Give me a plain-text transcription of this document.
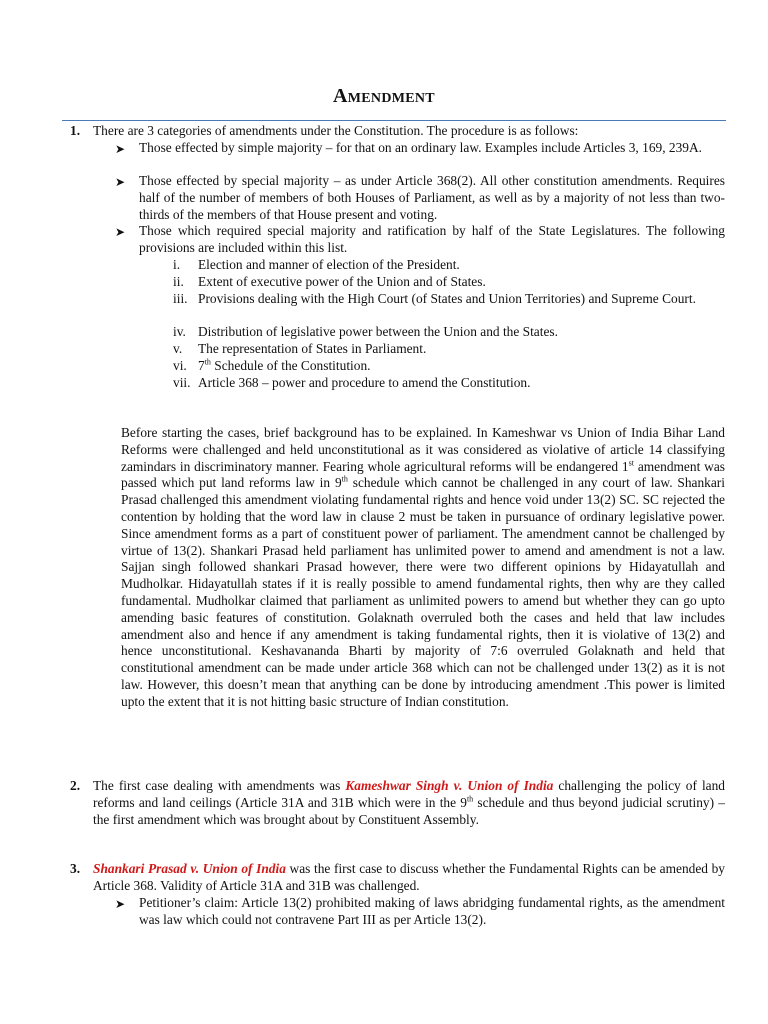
Amendment
1. There are 3 categories of amendments under the Constitution. The procedure is as follows:
➤ Those effected by simple majority – for that on an ordinary law. Examples include Articles 3, 169, 239A.
➤ Those effected by special majority – as under Article 368(2). All other constitution amendments. Requires half of the number of members of both Houses of Parliament, as well as by a majority of not less than two-thirds of the members of that House present and voting.
➤ Those which required special majority and ratification by half of the State Legislatures. The following provisions are included within this list.
i.	Election and manner of election of the President.
ii.	Extent of executive power of the Union and of States.
iii. Provisions dealing with the High Court (of States and Union Territories) and Supreme Court.
iv. Distribution of legislative power between the Union and the States.
v.	The representation of States in Parliament.
vi. 7th Schedule of the Constitution.
vii. Article 368 – power and procedure to amend the Constitution.
Before starting the cases, brief background has to be explained. In Kameshwar vs Union of India Bihar Land Reforms were challenged and held unconstitutional as it was considered as violative of article 14 classifying zamindars in discriminatory manner. Fearing whole agricultural reforms will be endangered 1st amendment was passed which put land reforms law in 9th schedule which cannot be challenged in any court of law. Shankari Prasad challenged this amendment violating fundamental rights and hence void under 13(2) SC. SC rejected the contention by holding that the word law in clause 2 must be taken in pursuance of ordinary legislative power. Since amendment forms as a part of constituent power of parliament. The amendment cannot be challenged by virtue of 13(2). Shankari Prasad held parliament has unlimited power to amend and amendment is not a law. Sajjan singh followed shankari Prasad however, there were two different opinions by Hidayatullah and Mudholkar. Hidayatullah states if it is really possible to amend fundamental rights, then why are they called fundamental. Mudholkar claimed that parliament as unlimited powers to amend but whether they can go upto amending basic features of constitution. Golaknath overruled both the cases and held that law includes amendment also and hence if any amendment is taking fundamental rights, then it is violative of 13(2) and hence unconstitutional. Keshavananda Bharti by majority of 7:6 overruled Golaknath and held that constitutional amendment can be made under article 368 which can not be challenged under 13(2) as it is not law. However, this doesn’t mean that anything can be done by introducing amendment .This power is limited upto the extent that it is not hitting basic structure of Indian constitution.
2. The first case dealing with amendments was Kameshwar Singh v. Union of India challenging the policy of land reforms and land ceilings (Article 31A and 31B which were in the 9th schedule and thus beyond judicial scrutiny) – the first amendment which was brought about by Constituent Assembly.
3. Shankari Prasad v. Union of India was the first case to discuss whether the Fundamental Rights can be amended by Article 368. Validity of Article 31A and 31B was challenged.
➤ Petitioner’s claim: Article 13(2) prohibited making of laws abridging fundamental rights, as the amendment was law which could not contravene Part III as per Article 13(2).
